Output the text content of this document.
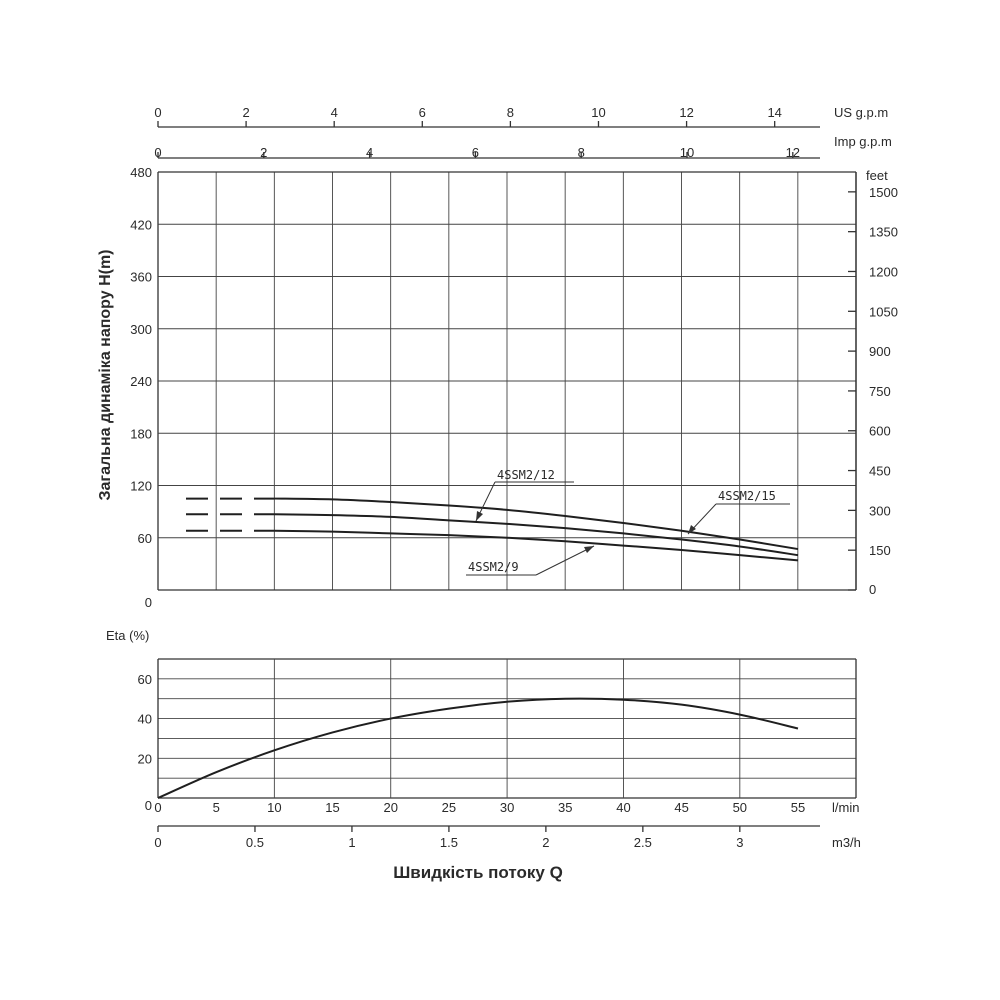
0
60
120
180
240
300
360
420
480
0
150
300
450
600
750
900
1050
1200
1350
1500
feet
4SSM2/12
4SSM2/15
4SSM2/9
0
20
40
60
0	5	10	15	20	25	30	35	40	45	50	55 l/min
0	0.5	1	1.5	2	2.5	3	m3/h
0	2	4	6	8	10	12	14	US g.p.m
0	2	4	6	8	10	12
Imp g.p.m
Загальна динаміка напору H(m)
Eta (%)
Швидкість потоку Q
